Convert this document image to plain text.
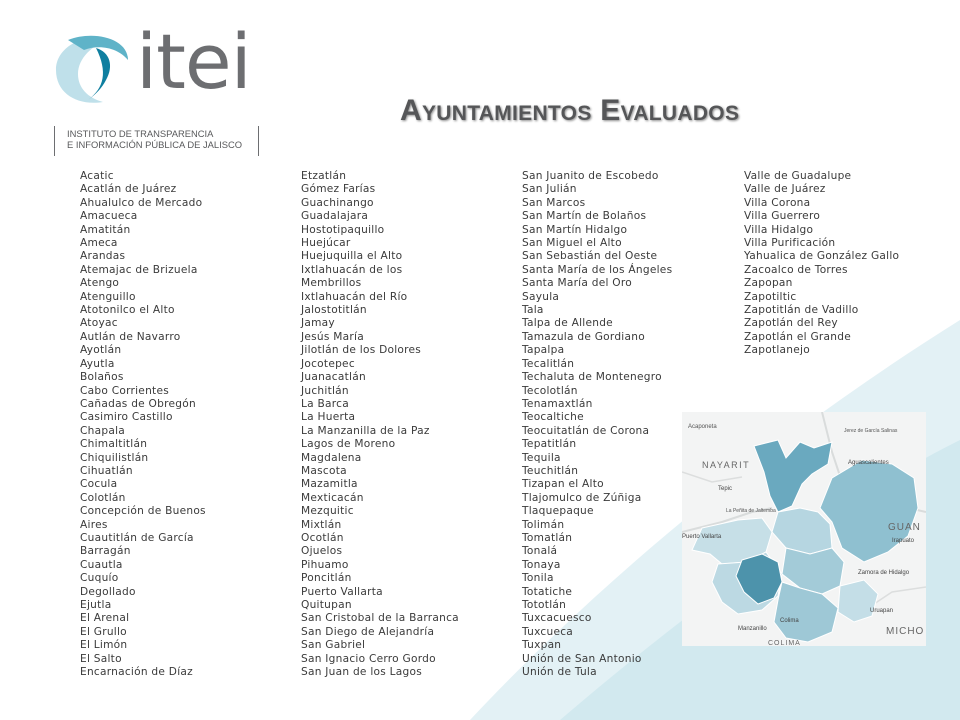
itei
INSTITUTO DE TRANSPARENCIA
E INFORMACIÓN PÚBLICA DE JALISCO
Ayuntamientos Evaluados
Acatic
Acatlán de Juárez
Ahualulco de Mercado
Amacueca
Amatitán
Ameca
Arandas
Atemajac de Brizuela
Atengo
Atenguillo
Atotonilco el Alto
Atoyac
Autlán de Navarro
Ayotlán
Ayutla
Bolaños
Cabo Corrientes
Cañadas de Obregón
Casimiro Castillo
Chapala
Chimaltitlán
Chiquilistlán
Cihuatlán
Cocula
Colotlán
Concepción de Buenos
Aires
Cuautitlán de García
Barragán
Cuautla
Cuquío
Degollado
Ejutla
El Arenal
El Grullo
El Limón
El Salto
Encarnación de Díaz
Etzatlán
Gómez Farías
Guachinango
Guadalajara
Hostotipaquillo
Huejúcar
Huejuquilla el Alto
Ixtlahuacán de los
Membrillos
Ixtlahuacán del Río
Jalostotitlán
Jamay
Jesús María
Jilotlán de los Dolores
Jocotepec
Juanacatlán
Juchitlán
La Barca
La Huerta
La Manzanilla de la Paz
Lagos de Moreno
Magdalena
Mascota
Mazamitla
Mexticacán
Mezquitic
Mixtlán
Ocotlán
Ojuelos
Pihuamo
Poncitlán
Puerto Vallarta
Quitupan
San Cristobal de la Barranca
San Diego de Alejandría
San Gabriel
San Ignacio Cerro Gordo
San Juan de los Lagos
San Juanito de Escobedo
San Julián
San Marcos
San Martín de Bolaños
San Martín Hidalgo
San Miguel el Alto
San Sebastián del Oeste
Santa María de los Ángeles
Santa María del Oro
Sayula
Tala
Talpa de Allende
Tamazula de Gordiano
Tapalpa
Tecalitlán
Techaluta de Montenegro
Tecolotlán
Tenamaxtlán
Teocaltiche
Teocuitatlán de Corona
Tepatitlán
Tequila
Teuchitlán
Tizapan el Alto
Tlajomulco de Zúñiga
Tlaquepaque
Tolimán
Tomatlán
Tonalá
Tonaya
Tonila
Totatiche
Tototlán
Tuxcacuesco
Tuxcueca
Tuxpan
Unión de San Antonio
Unión de Tula
Valle de Guadalupe
Valle de Juárez
Villa Corona
Villa Guerrero
Villa Hidalgo
Villa Purificación
Yahualica de González Gallo
Zacoalco de Torres
Zapopan
Zapotiltic
Zapotitlán de Vadillo
Zapotlán del Rey
Zapotlán el Grande
Zapotlanejo
Acaponeta
NAYARIT
Tepic
Jerez de García Salinas
Aguascalientes
La Peñita de Jaltemba
Puerto Vallarta
GUAN
Irapuato
Zamora de Hidalgo
Colima
Uruapan
MICHO
Manzanillo
COLIMA
